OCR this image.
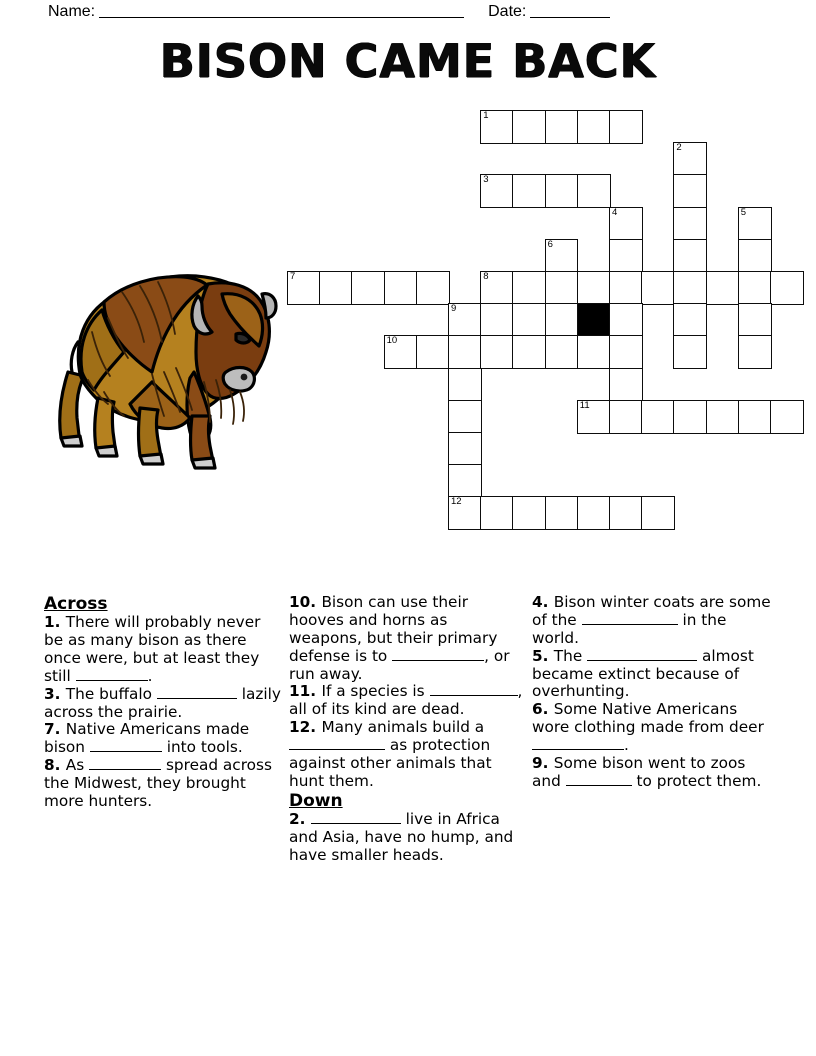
Name:	Date:
BISON CAME BACK
1
2
3
4	5
6
7	8
9
10
11
12
Across

1. There will probably never be as many bison as there once were, but at least they still	.

3. The buffalo	lazily across the prairie.

7. Native Americans made bison	into tools.

8. As	spread across the Midwest, they brought more hunters.

10. Bison can use their hooves and horns as weapons, but their primary defense is to	, or run away.

11. If a species is	, all of its kind are dead.

12. Many animals build a  as protection against other animals that hunt them.

Down

2.	live in Africa and Asia, have no hump, and have smaller heads.

4. Bison winter coats are some of the	in the world.

5. The	almost became extinct because of overhunting.

6. Some Native Americans wore clothing made from deer .

9. Some bison went to zoos and	to protect them.
